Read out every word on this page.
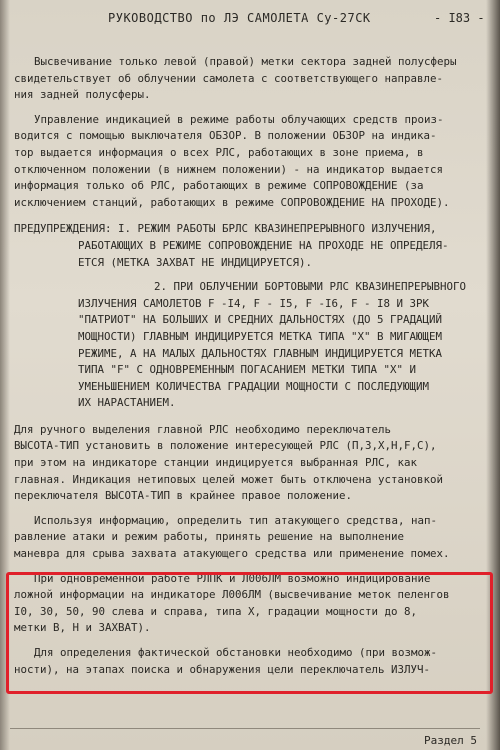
РУКОВОДСТВО по ЛЭ САМОЛЕТА Су-27СК	- I83 -
Высвечивание только левой (правой) метки сектора задней полусферы
свидетельствует об облучении самолета с соответствующего направле-
ния задней полусферы.
Управление индикацией в режиме работы облучающих средств произ-
водится с помощью выключателя ОБЗОР. В положении ОБЗОР на индика-
тор выдается информация о всех РЛС, работающих в зоне приема, в
отключенном положении (в нижнем положении) - на индикатор выдается
информация только об РЛС, работающих в режиме СОПРОВОЖДЕНИЕ (за
исключением станций, работающих в режиме СОПРОВОЖДЕНИЕ НА ПРОХОДЕ).
ПРЕДУПРЕЖДЕНИЯ: I. РЕЖИМ РАБОТЫ БРЛС КВАЗИНЕПРЕРЫВНОГО ИЗЛУЧЕНИЯ,
РАБОТАЮЩИХ В РЕЖИМЕ СОПРОВОЖДЕНИЕ НА ПРОХОДЕ НЕ ОПРЕДЕЛЯ-
ЕТСЯ (МЕТКА ЗАХВАТ НЕ ИНДИЦИРУЕТСЯ).
2. ПРИ ОБЛУЧЕНИИ БОРТОВЫМИ РЛС КВАЗИНЕПРЕРЫВНОГО
ИЗЛУЧЕНИЯ САМОЛЕТОВ F -I4, F - I5, F -I6, F - I8 И ЗРК
"ПАТРИОТ" НА БОЛЬШИХ И СРЕДНИХ ДАЛЬНОСТЯХ (ДО 5 ГРАДАЦИЙ
МОЩНОСТИ) ГЛАВНЫМ ИНДИЦИРУЕТСЯ МЕТКА ТИПА "Х" В МИГАЮЩЕМ
РЕЖИМЕ, А НА МАЛЫХ ДАЛЬНОСТЯХ ГЛАВНЫМ ИНДИЦИРУЕТСЯ МЕТКА
ТИПА "F" С ОДНОВРЕМЕННЫМ ПОГАСАНИЕМ МЕТКИ ТИПА "Х" И
УМЕНЬШЕНИЕМ КОЛИЧЕСТВА ГРАДАЦИИ МОЩНОСТИ С ПОСЛЕДУЮЩИМ
ИХ НАРАСТАНИЕМ.
Для ручного выделения главной РЛС необходимо переключатель
ВЫСОТА-ТИП установить в положение интересующей РЛС (П,З,Х,Н,F,С),
при этом на индикаторе станции индицируется выбранная РЛС, как
главная. Индикация нетиповых целей может быть отключена установкой
переключателя ВЫСОТА-ТИП в крайнее правое положение.
Используя информацию, определить тип атакующего средства, нап-
равление атаки и режим работы, принять решение на выполнение
маневра для срыва захвата атакующего средства или применение помех.
При одновременной работе РЛПК и Л006ЛМ возможно индицирование
ложной информации на индикаторе Л006ЛМ (высвечивание меток пеленгов
I0, 30, 50, 90 слева и справа, типа Х, градации мощности до 8,
метки В, Н и ЗАХВАТ).
Для определения фактической обстановки необходимо (при возмож-
ности), на этапах поиска и обнаружения цели переключатель ИЗЛУЧ-
Раздел 5
